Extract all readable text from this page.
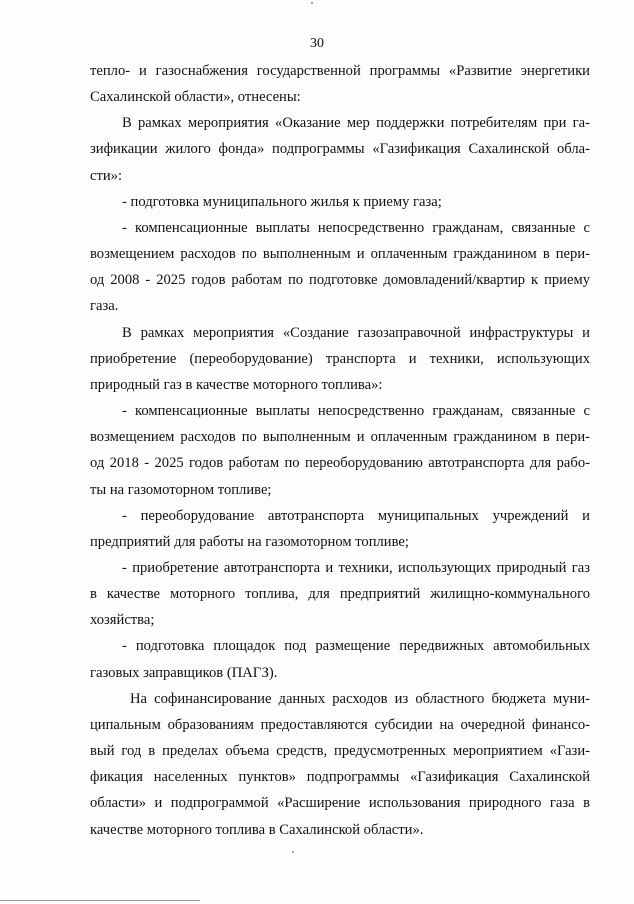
30

тепло- и газоснабжения государственной программы «Развитие энергетики

Сахалинской области», отнесены:

В рамках мероприятия «Оказание мер поддержки потребителям при га-

зификации жилого фонда» подпрограммы «Газификация Сахалинской обла-

сти»:

- подготовка муниципального жилья к приему газа;

- компенсационные выплаты непосредственно гражданам, связанные с

возмещением расходов по выполненным и оплаченным гражданином в пери-

од 2008 - 2025 годов работам по подготовке домовладений/квартир к приему

газа.

В рамках мероприятия «Создание газозаправочной инфраструктуры и

приобретение (переоборудование) транспорта и техники, использующих

природный газ в качестве моторного топлива»:

- компенсационные выплаты непосредственно гражданам, связанные с

возмещением расходов по выполненным и оплаченным гражданином в пери-

од 2018 - 2025 годов работам по переоборудованию автотранспорта для рабо-

ты на газомоторном топливе;

- переоборудование автотранспорта муниципальных учреждений и

предприятий для работы на газомоторном топливе;

- приобретение автотранспорта и техники, использующих природный газ

в качестве моторного топлива, для предприятий жилищно-коммунального

хозяйства;

- подготовка площадок под размещение передвижных автомобильных

газовых заправщиков (ПАГЗ).

На софинансирование данных расходов из областного бюджета муни-

ципальным образованиям предоставляются субсидии на очередной финансо-

вый год в пределах объема средств, предусмотренных мероприятием «Гази-

фикация населенных пунктов» подпрограммы «Газификация Сахалинской

области» и подпрограммой «Расширение использования природного газа в

качестве моторного топлива в Сахалинской области».
